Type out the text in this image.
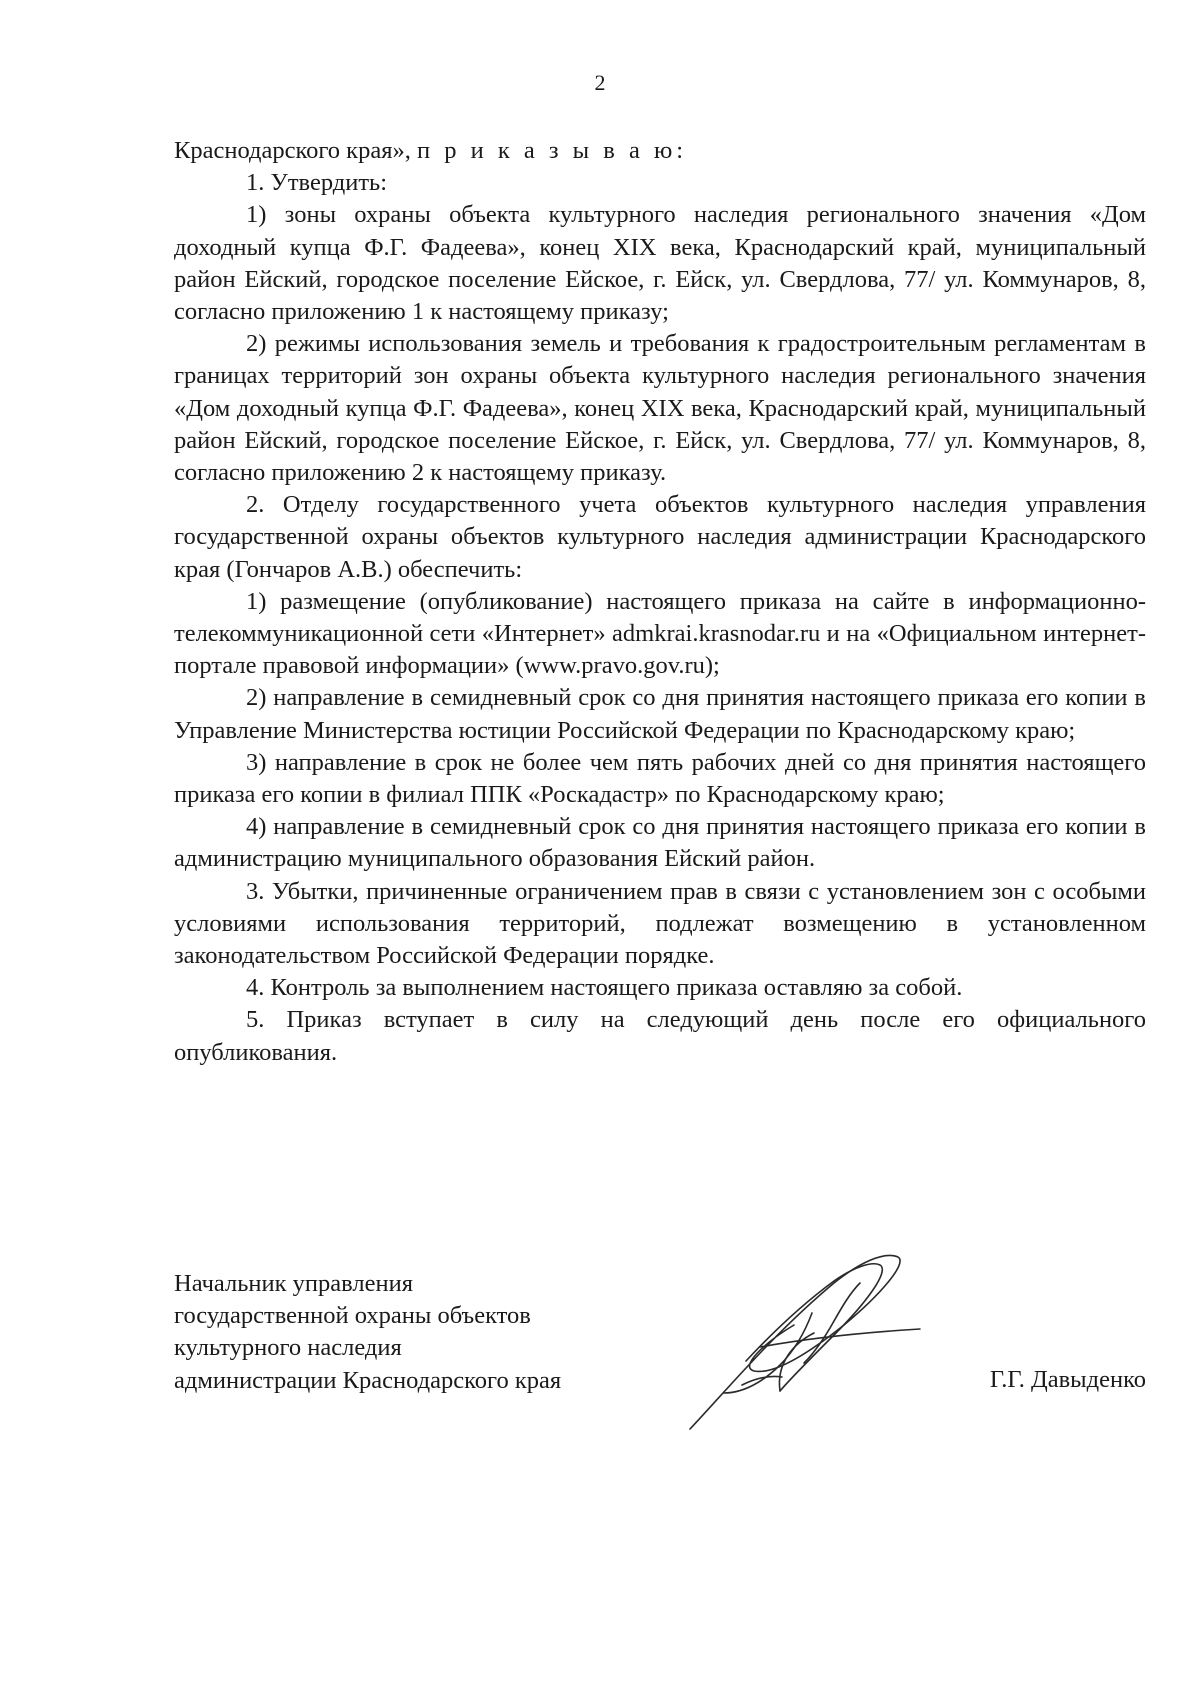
2

Краснодарского края», п р и к а з ы в а ю:

1. Утвердить:

1) зоны охраны объекта культурного наследия регионального значения «Дом доходный купца Ф.Г. Фадеева», конец XIX века, Краснодарский край, муниципальный район Ейский, городское поселение Ейское, г. Ейск, ул. Свердлова, 77/ ул. Коммунаров, 8, согласно приложению 1 к настоящему приказу;

2) режимы использования земель и требования к градостроительным регламентам в границах территорий зон охраны объекта культурного наследия регионального значения «Дом доходный купца Ф.Г. Фадеева», конец XIX века, Краснодарский край, муниципальный район Ейский, городское поселение Ейское, г. Ейск, ул. Свердлова, 77/ ул. Коммунаров, 8, согласно приложению 2 к настоящему приказу.

2. Отделу государственного учета объектов культурного наследия управления государственной охраны объектов культурного наследия администрации Краснодарского края (Гончаров А.В.) обеспечить:

1) размещение (опубликование) настоящего приказа на сайте в информационно-телекоммуникационной сети «Интернет» admkrai.krasnodar.ru и на «Официальном интернет-портале правовой информации» (www.pravo.gov.ru);

2) направление в семидневный срок со дня принятия настоящего приказа его копии в Управление Министерства юстиции Российской Федерации по Краснодарскому краю;

3) направление в срок не более чем пять рабочих дней со дня принятия настоящего приказа его копии в филиал ППК «Роскадастр» по Краснодарскому краю;

4) направление в семидневный срок со дня принятия настоящего приказа его копии в администрацию муниципального образования Ейский район.

3. Убытки, причиненные ограничением прав в связи с установлением зон с особыми условиями использования территорий, подлежат возмещению в установленном законодательством Российской Федерации порядке.

4. Контроль за выполнением настоящего приказа оставляю за собой.

5. Приказ вступает в силу на следующий день после его официального опубликования.

Начальник управления
государственной охраны объектов
культурного наследия
администрации Краснодарского края	Г.Г. Давыденко
